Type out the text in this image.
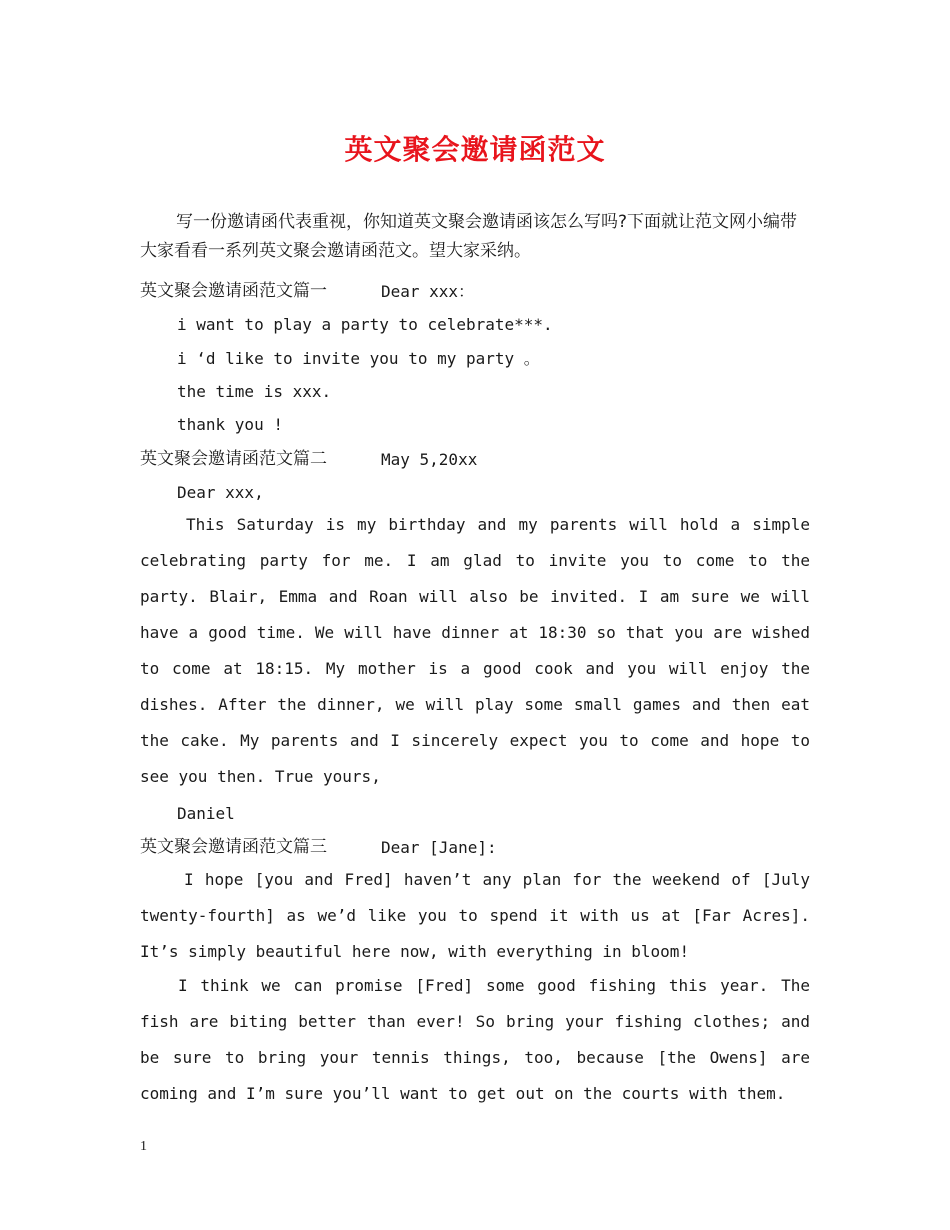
英文聚会邀请函范文
写一份邀请函代表重视，你知道英文聚会邀请函该怎么写吗?下面就让范文网小编带大家看看一系列英文聚会邀请函范文。望大家采纳。
英文聚会邀请函范文篇一	Dear xxx：
i want to play a party to celebrate***.
i ‘d like to invite you to my party 。
the time is xxx.
thank you !
英文聚会邀请函范文篇二	May 5,20xx
Dear xxx,
This Saturday is my birthday and my parents will hold a simple celebrating party for me. I am glad to invite you to come to the party. Blair, Emma and Roan will also be invited. I am sure we will have a good time. We will have dinner at 18:30 so that you are wished to come at 18:15. My mother is a good cook and you will enjoy the dishes. After the dinner, we will play some small games and then eat the cake. My parents and I sincerely expect you to come and hope to see you then. True yours,
Daniel
英文聚会邀请函范文篇三	Dear [Jane]:
I hope [you and Fred] haven’t any plan for the weekend of [July twenty-fourth] as we’d like you to spend it with us at [Far Acres]. It’s simply beautiful here now, with everything in bloom!
I think we can promise [Fred] some good fishing this year. The fish are biting better than ever! So bring your fishing clothes; and be sure to bring your tennis things, too, because [the Owens] are coming and I’m sure you’ll want to get out on the courts with them.
1
